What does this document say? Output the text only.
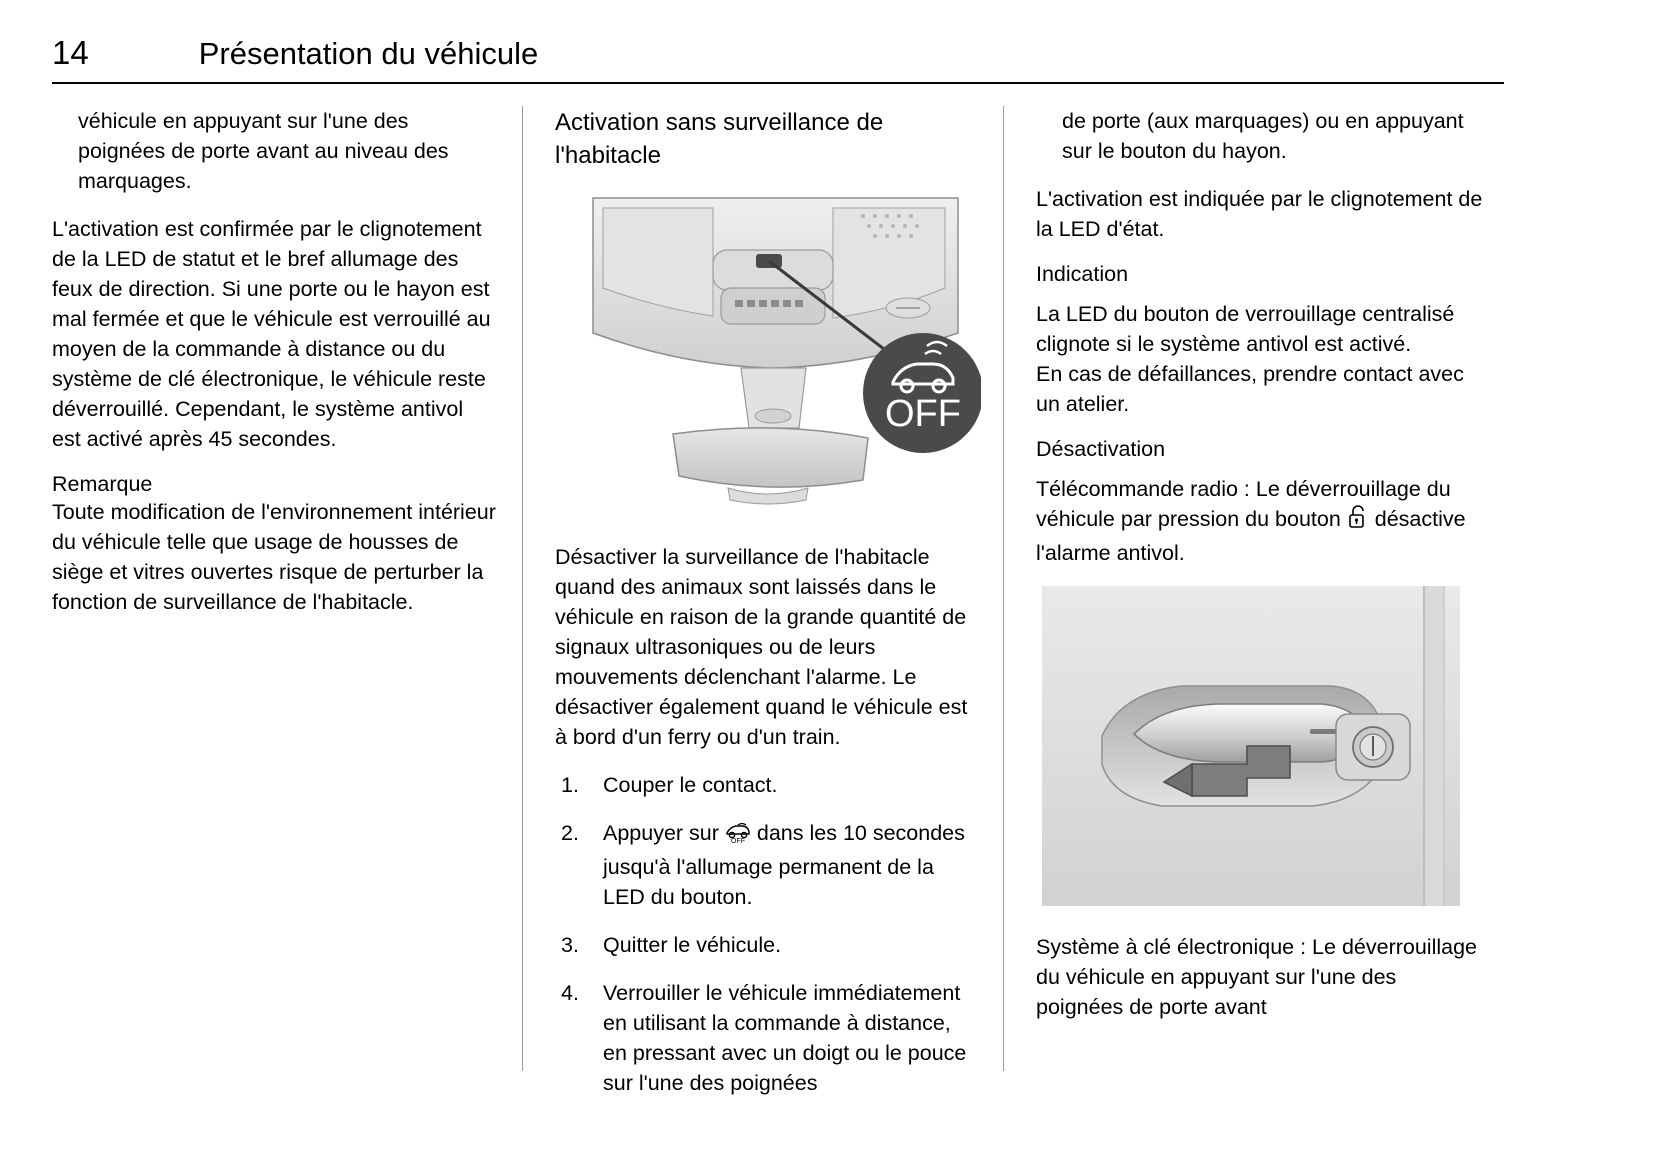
14	Présentation du véhicule

véhicule en appuyant sur l'une des poignées de porte avant au niveau des marquages.

L'activation est confirmée par le clignotement de la LED de statut et le bref allumage des feux de direction. Si une porte ou le hayon est mal fermée et que le véhicule est verrouillé au moyen de la commande à distance ou du système de clé électronique, le véhicule reste déverrouillé. Cependant, le système antivol est activé après 45 secondes.

Remarque

Toute modification de l'environnement intérieur du véhicule telle que usage de housses de siège et vitres ouvertes risque de perturber la fonction de surveillance de l'habitacle.

Activation sans surveillance de l'habitacle
OFF

Désactiver la surveillance de l'habitacle quand des animaux sont laissés dans le véhicule en raison de la grande quantité de signaux ultrasoniques ou de leurs mouvements déclenchant l'alarme. Le désactiver également quand le véhicule est à bord d'un ferry ou d'un train.

1. Couper le contact.
2. Appuyer sur OFF dans les 10 secondes jusqu'à l'allumage permanent de la LED du bouton.
3. Quitter le véhicule.
4. Verrouiller le véhicule immédiatement en utilisant la commande à distance, en pressant avec un doigt ou le pouce sur l'une des poignées

de porte (aux marquages) ou en appuyant sur le bouton du hayon.

L'activation est indiquée par le clignotement de la LED d'état.

Indication

La LED du bouton de verrouillage centralisé clignote si le système antivol est activé.

En cas de défaillances, prendre contact avec un atelier.

Désactivation

Télécommande radio : Le déverrouillage du véhicule par pression du bouton désactive l'alarme antivol.

Système à clé électronique : Le déverrouillage du véhicule en appuyant sur l'une des poignées de porte avant
